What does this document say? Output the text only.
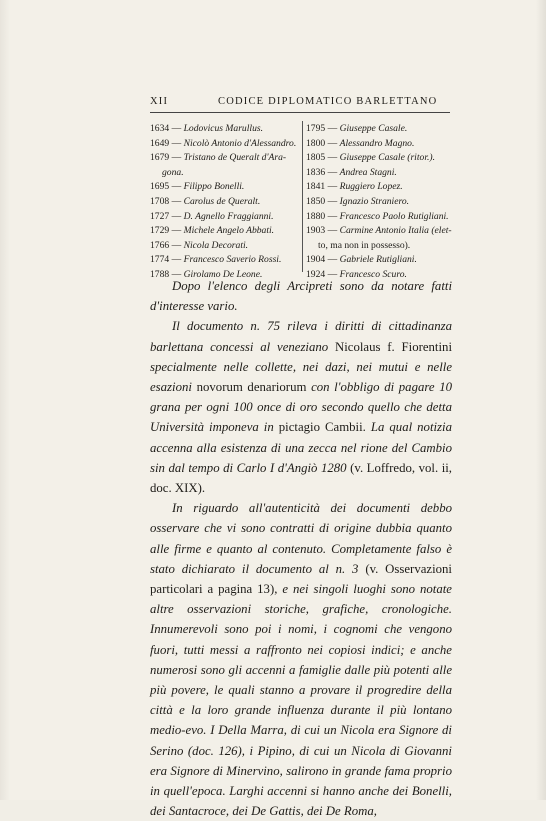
XII	CODICE DIPLOMATICO BARLETTANO
1634 — Lodovicus Marullus.
1649 — Nicolò Antonio d'Alessandro.
1679 — Tristano de Queralt d'Ara-
gona.
1695 — Filippo Bonelli.
1708 — Carolus de Queralt.
1727 — D. Agnello Fraggianni.
1729 — Michele Angelo Abbati.
1766 — Nicola Decorati.
1774 — Francesco Saverio Rossi.
1788 — Girolamo De Leone.
1795 — Giuseppe Casale.
1800 — Alessandro Magno.
1805 — Giuseppe Casale (ritor.).
1836 — Andrea Stagni.
1841 — Ruggiero Lopez.
1850 — Ignazio Straniero.
1880 — Francesco Paolo Rutigliani.
1903 — Carmine Antonio Italia (elet-
to, ma non in possesso).
1904 — Gabriele Rutigliani.
1924 — Francesco Scuro.

Dopo l'elenco degli Arcipreti sono da notare fatti d'interesse vario.

Il documento n. 75 rileva i diritti di cittadinanza barlettana concessi al veneziano Nicolaus f. Fiorentini specialmente nelle collette, nei dazi, nei mutui e nelle esazioni novorum denariorum con l'obbligo di pagare 10 grana per ogni 100 once di oro secondo quello che detta Università imponeva in pictagio Cambii. La qual notizia accenna alla esistenza di una zecca nel rione del Cambio sin dal tempo di Carlo I d'Angiò 1280 (v. Loffredo, vol. ii, doc. XIX).

In riguardo all'autenticità dei documenti debbo osservare che vi sono contratti di origine dubbia quanto alle firme e quanto al contenuto. Completamente falso è stato dichiarato il documento al n. 3 (v. Osservazioni particolari a pagina 13), e nei singoli luoghi sono notate altre osservazioni storiche, grafiche, cronologiche. Innumerevoli sono poi i nomi, i cognomi che vengono fuori, tutti messi a raffronto nei copiosi indici; e anche numerosi sono gli accenni a famiglie dalle più potenti alle più povere, le quali stanno a provare il progredire della città e la loro grande influenza durante il più lontano medio-evo. I Della Marra, di cui un Nicola era Signore di Serino (doc. 126), i Pipino, di cui un Nicola di Giovanni era Signore di Minervino, salirono in grande fama proprio in quell'epoca. Larghi accenni si hanno anche dei Bonelli, dei Santacroce, dei De Gattis, dei De Roma,
